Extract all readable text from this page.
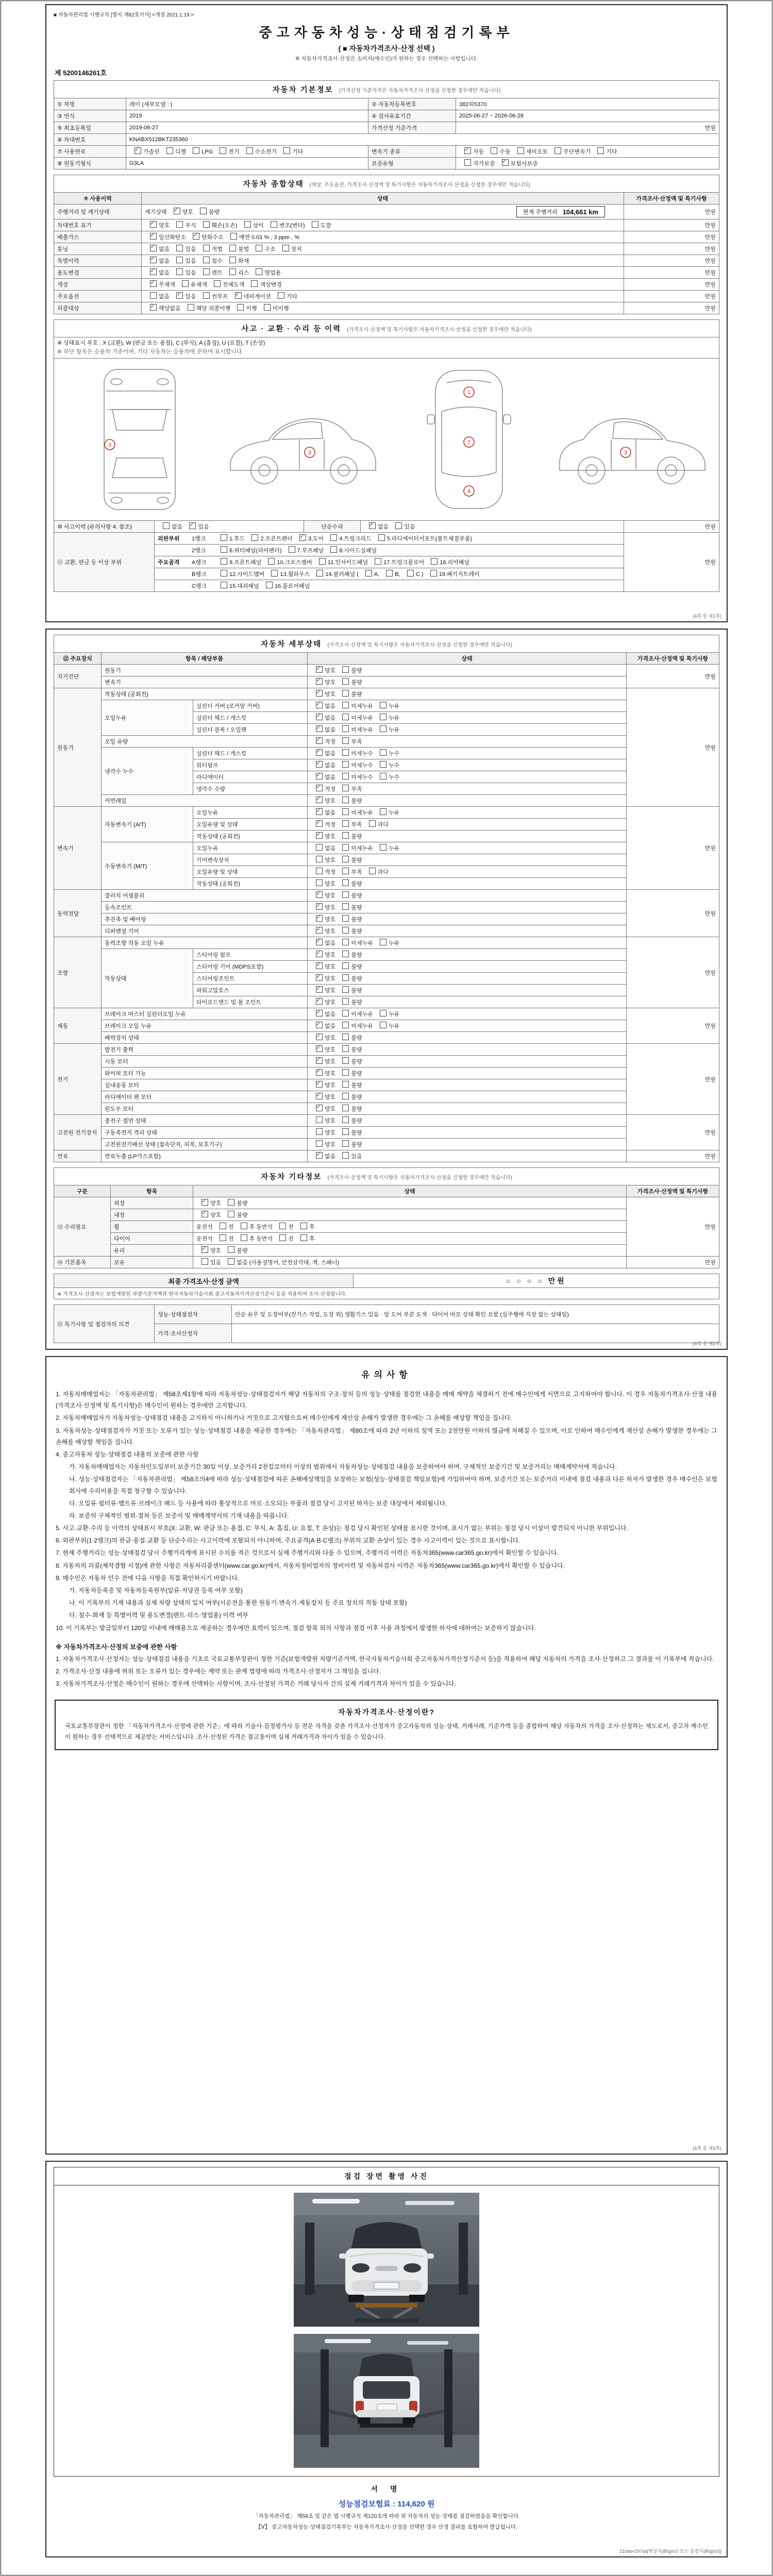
■ 자동차관리법 시행규칙 [별지 제82호서식] <개정 2021.1.19.>
중고자동차성능·상태점검기록부
( ■ 자동차가격조사·산정 선택 )
※ 자동차가격조사·산정은 소비자(매수인)가 원하는 경우 선택하는 사항입니다.
제 5200146261호
자동차 기본정보 (가격산정 기준가격은 자동차가격조사·산정을 신청한 경우에만 적습니다)			
① 차명	레이 (세부모델 : )	② 자동차등록번호	382허5370
③ 연식	2019	④ 검사유효기간	2025-06-27 ~ 2026-06-26
⑤ 최초등록일	2019-06-27	가격산정 기준가격	만원
⑥ 차대번호	KNABX512BKT235360		
⑦ 사용연료	✓가솔린 디젤 LPG 전기 수소전기 기타	변속기 종류	✓자동 수동 세미오토 무단변속기 기타
⑧ 원동기형식	G3LA	보증유형	자가보증 ✓보험사보증
자동차 종합상태 (색상, 주요옵션, 가격조사·산정액 및 특기사항은 자동차가격조사·산정을 신청한 경우에만 적습니다)		
⑨ 사용이력	상태	가격조사·산정액 및 특기사항
주행거리 및 계기상태	계기상태 ✓양호 불량 현재 주행거리 104,661 km	만원
차대번호 표기	✓양호 부식 훼손(오손) 상이 변조(변타) 도말	만원
배출가스	✓일산화탄소 ✓탄화수소 매연 0.01 % , 3 ppm , %	만원
튜닝	✓없음 있음 적법 불법 구조 장치	만원
특별이력	✓없음 있음 침수 화재	만원
용도변경	✓없음 있음 렌트 리스 영업용	만원
색상	✓무채색 유채색 전체도색 색상변경	만원
주요옵션	없음 ✓있음 썬루프 ✓네비게이션 기타	만원
리콜대상	✓해당없음 해당 리콜이행 이행 미이행	만원
사고 · 교환 · 수리 등 이력 (가격조사·산정액 및 특기사항은 자동차가격조사·산정을 신청한 경우에만 적습니다)				
※ 상태표시 부호 : X (교환), W (판금 또는 용접), C (부식), A (흠집), U (요철), T (손상)
※ 하단 항목은 승용차 기준이며, 기타 자동차는 승용차에 준하여 표시합니다.				

3
3
1
7
4
3

⑩ 사고이력 (유의사항 4. 참조)	없음 ✓있음	단순수리	✓없음 있음	만원
⑪ 교환, 판금 등 이상 부위	외판부위 1랭크 1.후드 2.프론트펜더 ✓3.도어 4.트렁크리드 5.라디에이터서포트(볼트체결부품)			만원
	2랭크 6.쿼터패널(리어펜더) 7.루프패널 8.사이드실패널			
	주요골격 A랭크 9.프론트패널 10.크로스멤버 11.인사이드패널 17.트렁크플로어 18.리어패널			
	B랭크 12.사이드멤버 13.휠하우스 14.필러패널 ( A, B, C ) 19.패키지트레이			
	C랭크 15.대쉬패널 16.플로어패널			
(4쪽 중 제1쪽)
자동차 세부상태 (가격조사·산정액 및 특기사항은 자동차가격조사·산정을 신청한 경우에만 적습니다)				
⑫ 주요장치	항목 / 해당부품		상태	가격조사·산정액 및 특기사항
자기진단	원동기	✓양호 불량	만원
	변속기	✓양호 불량
원동기	작동상태 (공회전)	✓양호 불량	만원
	오일누유	실린더 커버 (로커암 커버)	✓없음 미세누유 누유
		실린더 헤드 / 개스킷	✓없음 미세누유 누유
		실린더 블록 / 오일팬	✓없음 미세누유 누유
	오일 유량	✓적정 부족
	냉각수 누수	실린더 헤드 / 개스킷	✓없음 미세누수 누수
		워터펌프	✓없음 미세누수 누수
		라디에이터	✓없음 미세누수 누수
		냉각수 수량	✓적정 부족
	커먼레일	✓양호 불량
변속기	자동변속기 (A/T)	오일누유	✓없음 미세누유 누유	만원
		오일유량 및 상태	✓적정 부족 과다
		작동상태 (공회전)	✓양호 불량
	수동변속기 (M/T)	오일누유	없음 미세누유 누유	
		기어변속장치	양호 불량	
		오일유량 및 상태	적정 부족 과다	
		작동상태 (공회전)	양호 불량	
동력전달	클러치 어셈블리	✓양호 불량	만원
	등속조인트	✓양호 불량
	추진축 및 베어링	✓양호 불량
	디퍼렌셜 기어	✓양호 불량
조향	동력조향 작동 오일 누유	✓없음 미세누유 누유	만원
	작동상태	스티어링 펌프	✓양호 불량
		스티어링 기어 (MDPS포함)	✓양호 불량
		스티어링조인트	✓양호 불량
		파워고압호스	✓양호 불량
		타이로드엔드 및 볼 조인트	✓양호 불량
제동	브레이크 마스터 실린더오일 누유	✓없음 미세누유 누유	만원
	브레이크 오일 누유	✓없음 미세누유 누유
	배력장치 상태	✓양호 불량
전기	발전기 출력	✓양호 불량	만원
	시동 모터	✓양호 불량
	와이퍼 모터 기능	✓양호 불량
	실내송풍 모터	✓양호 불량
	라디에이터 팬 모터	✓양호 불량
	윈도우 모터	✓양호 불량
고전원 전기장치	충전구 절연 상태		양호 불량	만원
	구동축전지 격리 상태		양호 불량	
	고전원전기배선 상태 (접속단자, 피복, 보호기구)		양호 불량	
연료	연료누출 (LP가스포함)	✓없음 있음	만원
자동차 기타정보 (가격조사·산정액 및 특기사항은 자동차가격조사·산정을 신청한 경우에만 적습니다)			
구분	항목	상태	가격조사·산정액 및 특기사항
⑬ 수리필요	외장	✓양호 불량	만원
	내장	✓양호 불량
	휠	운전석 전 후 동반석 전 후	
	타이어	운전석 전 후 동반석 전 후	
	유리	✓양호 불량
⑭ 기본품목	보유	있음 없음 (사용설명서, 안전삼각대, 잭, 스패너)	만원
최종 가격조사·산정 금액	○ ○ ○ ○ 만원
※ 가격조사·산정자는 보험개발원 차량기준가액과 한국자동차기술사회 중고자동차가격산정기준서 등을 적용하여 조사·산정합니다.
⑮ 특기사항 및 점검자의 의견	성능·상태점검자	단순 유무 및 도장여부(잔기스 작업, 도장 외) 생활기스 있음 · 앞 도어 부분 도색 · 타이어 마모 상태 확인 요함 (실주행에 지장 없는 상태임)
	가격·조사산정자	
(4쪽 중 제2쪽)
유의사항
1. 자동차매매업자는 「자동차관리법」 제58조제1항에 따라 자동차성능·상태점검자가 해당 자동차의 구조·장치 등의 성능·상태를 점검한 내용을 매매 계약을 체결하기 전에 매수인에게 서면으로 고지하여야 합니다. 이 경우 자동차가격조사·산정 내용(가격조사·산정액 및 특기사항)은 매수인이 원하는 경우에만 고지합니다.
2. 자동차매매업자가 자동차성능·상태점검 내용을 고지하지 아니하거나 거짓으로 고지함으로써 매수인에게 재산상 손해가 발생한 경우에는 그 손해를 배상할 책임을 집니다.
3. 자동차성능·상태점검자가 거짓 또는 오류가 있는 성능·상태점검 내용을 제공한 경우에는 「자동차관리법」 제80조에 따라 2년 이하의 징역 또는 2천만원 이하의 벌금에 처해질 수 있으며, 이로 인하여 매수인에게 재산상 손해가 발생한 경우에는 그 손해를 배상할 책임을 집니다.
4. 중고자동차 성능·상태점검 내용의 보증에 관한 사항
가. 자동차매매업자는 자동차인도일부터 보증기간 30일 이상, 보증거리 2천킬로미터 이상의 범위에서 자동차성능·상태점검 내용을 보증하여야 하며, 구체적인 보증기간 및 보증거리는 매매계약서에 적습니다.
나. 성능·상태점검자는 「자동차관리법」 제58조의4에 따라 성능·상태점검에 따른 손해배상책임을 보장하는 보험(성능·상태점검 책임보험)에 가입하여야 하며, 보증기간 또는 보증거리 이내에 점검 내용과 다른 하자가 발생한 경우 매수인은 보험회사에 수리비용을 직접 청구할 수 있습니다.
다. 오일류·필터류·벨트류·브레이크 패드 등 사용에 따라 통상적으로 마모·소모되는 부품과 점검 당시 고지된 하자는 보증 대상에서 제외됩니다.
라. 보증의 구체적인 범위·절차 등은 보증서 및 매매계약서의 기재 내용을 따릅니다.
5. 사고·교환·수리 등 이력의 상태표시 부호(X: 교환, W: 판금 또는 용접, C: 부식, A: 흠집, U: 요철, T: 손상)는 점검 당시 확인된 상태를 표시한 것이며, 표시가 없는 부위는 점검 당시 이상이 발견되지 아니한 부위입니다.
6. 외판부위(1·2랭크)의 판금·용접·교환 등 단순수리는 사고이력에 포함되지 아니하며, 주요골격(A·B·C랭크) 부위의 교환·손상이 있는 경우 사고이력이 있는 것으로 표시합니다.
7. 현재 주행거리는 성능·상태점검 당시 주행거리계에 표시된 수치를 적은 것으로서 실제 주행거리와 다를 수 있으며, 주행거리 이력은 자동차365(www.car365.go.kr)에서 확인할 수 있습니다.
8. 자동차의 리콜(제작결함 시정)에 관한 사항은 자동차리콜센터(www.car.go.kr)에서, 자동차정비업자의 정비이력 및 자동차검사 이력은 자동차365(www.car365.go.kr)에서 확인할 수 있습니다.
9. 매수인은 자동차 인수 전에 다음 사항을 직접 확인하시기 바랍니다.
가. 자동차등록증 및 자동차등록원부(압류·저당권 등록 여부 포함)
나. 이 기록부의 기재 내용과 실제 차량 상태의 일치 여부(시운전을 통한 원동기·변속기·제동장치 등 주요 장치의 작동 상태 포함)
다. 침수·화재 등 특별이력 및 용도변경(렌트·리스·영업용) 이력 여부
10. 이 기록부는 발급일부터 120일 이내에 매매용으로 제공하는 경우에만 효력이 있으며, 점검 항목 외의 사항과 점검 이후 사용 과정에서 발생한 하자에 대하여는 보증하지 않습니다.
※ 자동차가격조사·산정의 보증에 관한 사항
1. 자동차가격조사·산정자는 성능·상태점검 내용을 기초로 국토교통부장관이 정한 기준(보험개발원 차량기준가액, 한국자동차기술사회 중고자동차가격산정기준서 등)을 적용하여 해당 자동차의 가격을 조사·산정하고 그 결과를 이 기록부에 적습니다.
2. 가격조사·산정 내용에 허위 또는 오류가 있는 경우에는 계약 또는 관계 법령에 따라 가격조사·산정자가 그 책임을 집니다.
3. 자동차가격조사·산정은 매수인이 원하는 경우에 선택하는 사항이며, 조사·산정된 가격은 거래 당사자 간의 실제 거래가격과 차이가 있을 수 있습니다.
자동차가격조사·산정이란?
국토교통부장관이 정한 「자동차가격조사·산정에 관한 기준」에 따라 기술사·감정평가사 등 전문 자격을 갖춘 가격조사·산정자가 중고자동차의 성능·상태, 거래사례, 기준가액 등을 종합하여 해당 자동차의 가격을 조사·산정하는 제도로서, 중고차 매수인이 원하는 경우 선택적으로 제공받는 서비스입니다. 조사·산정된 가격은 참고용이며 실제 거래가격과 차이가 있을 수 있습니다.
(4쪽 중 제3쪽)
점검 장면 촬영 사진
서 명
성능점검보험료 : 114,620 원
「자동차관리법」 제58조 및 같은 법 시행규칙 제120조에 따라 위 자동차의 성능·상태를 점검하였음을 확인합니다.
【Ⅴ】 중고자동차성능·상태점검기록부는 자동차가격조사·산정을 선택한 경우 산정 결과를 포함하여 발급됩니다.
210㎜×297㎜[백상지(80g/㎡) 또는 중질지(80g/㎡)]
